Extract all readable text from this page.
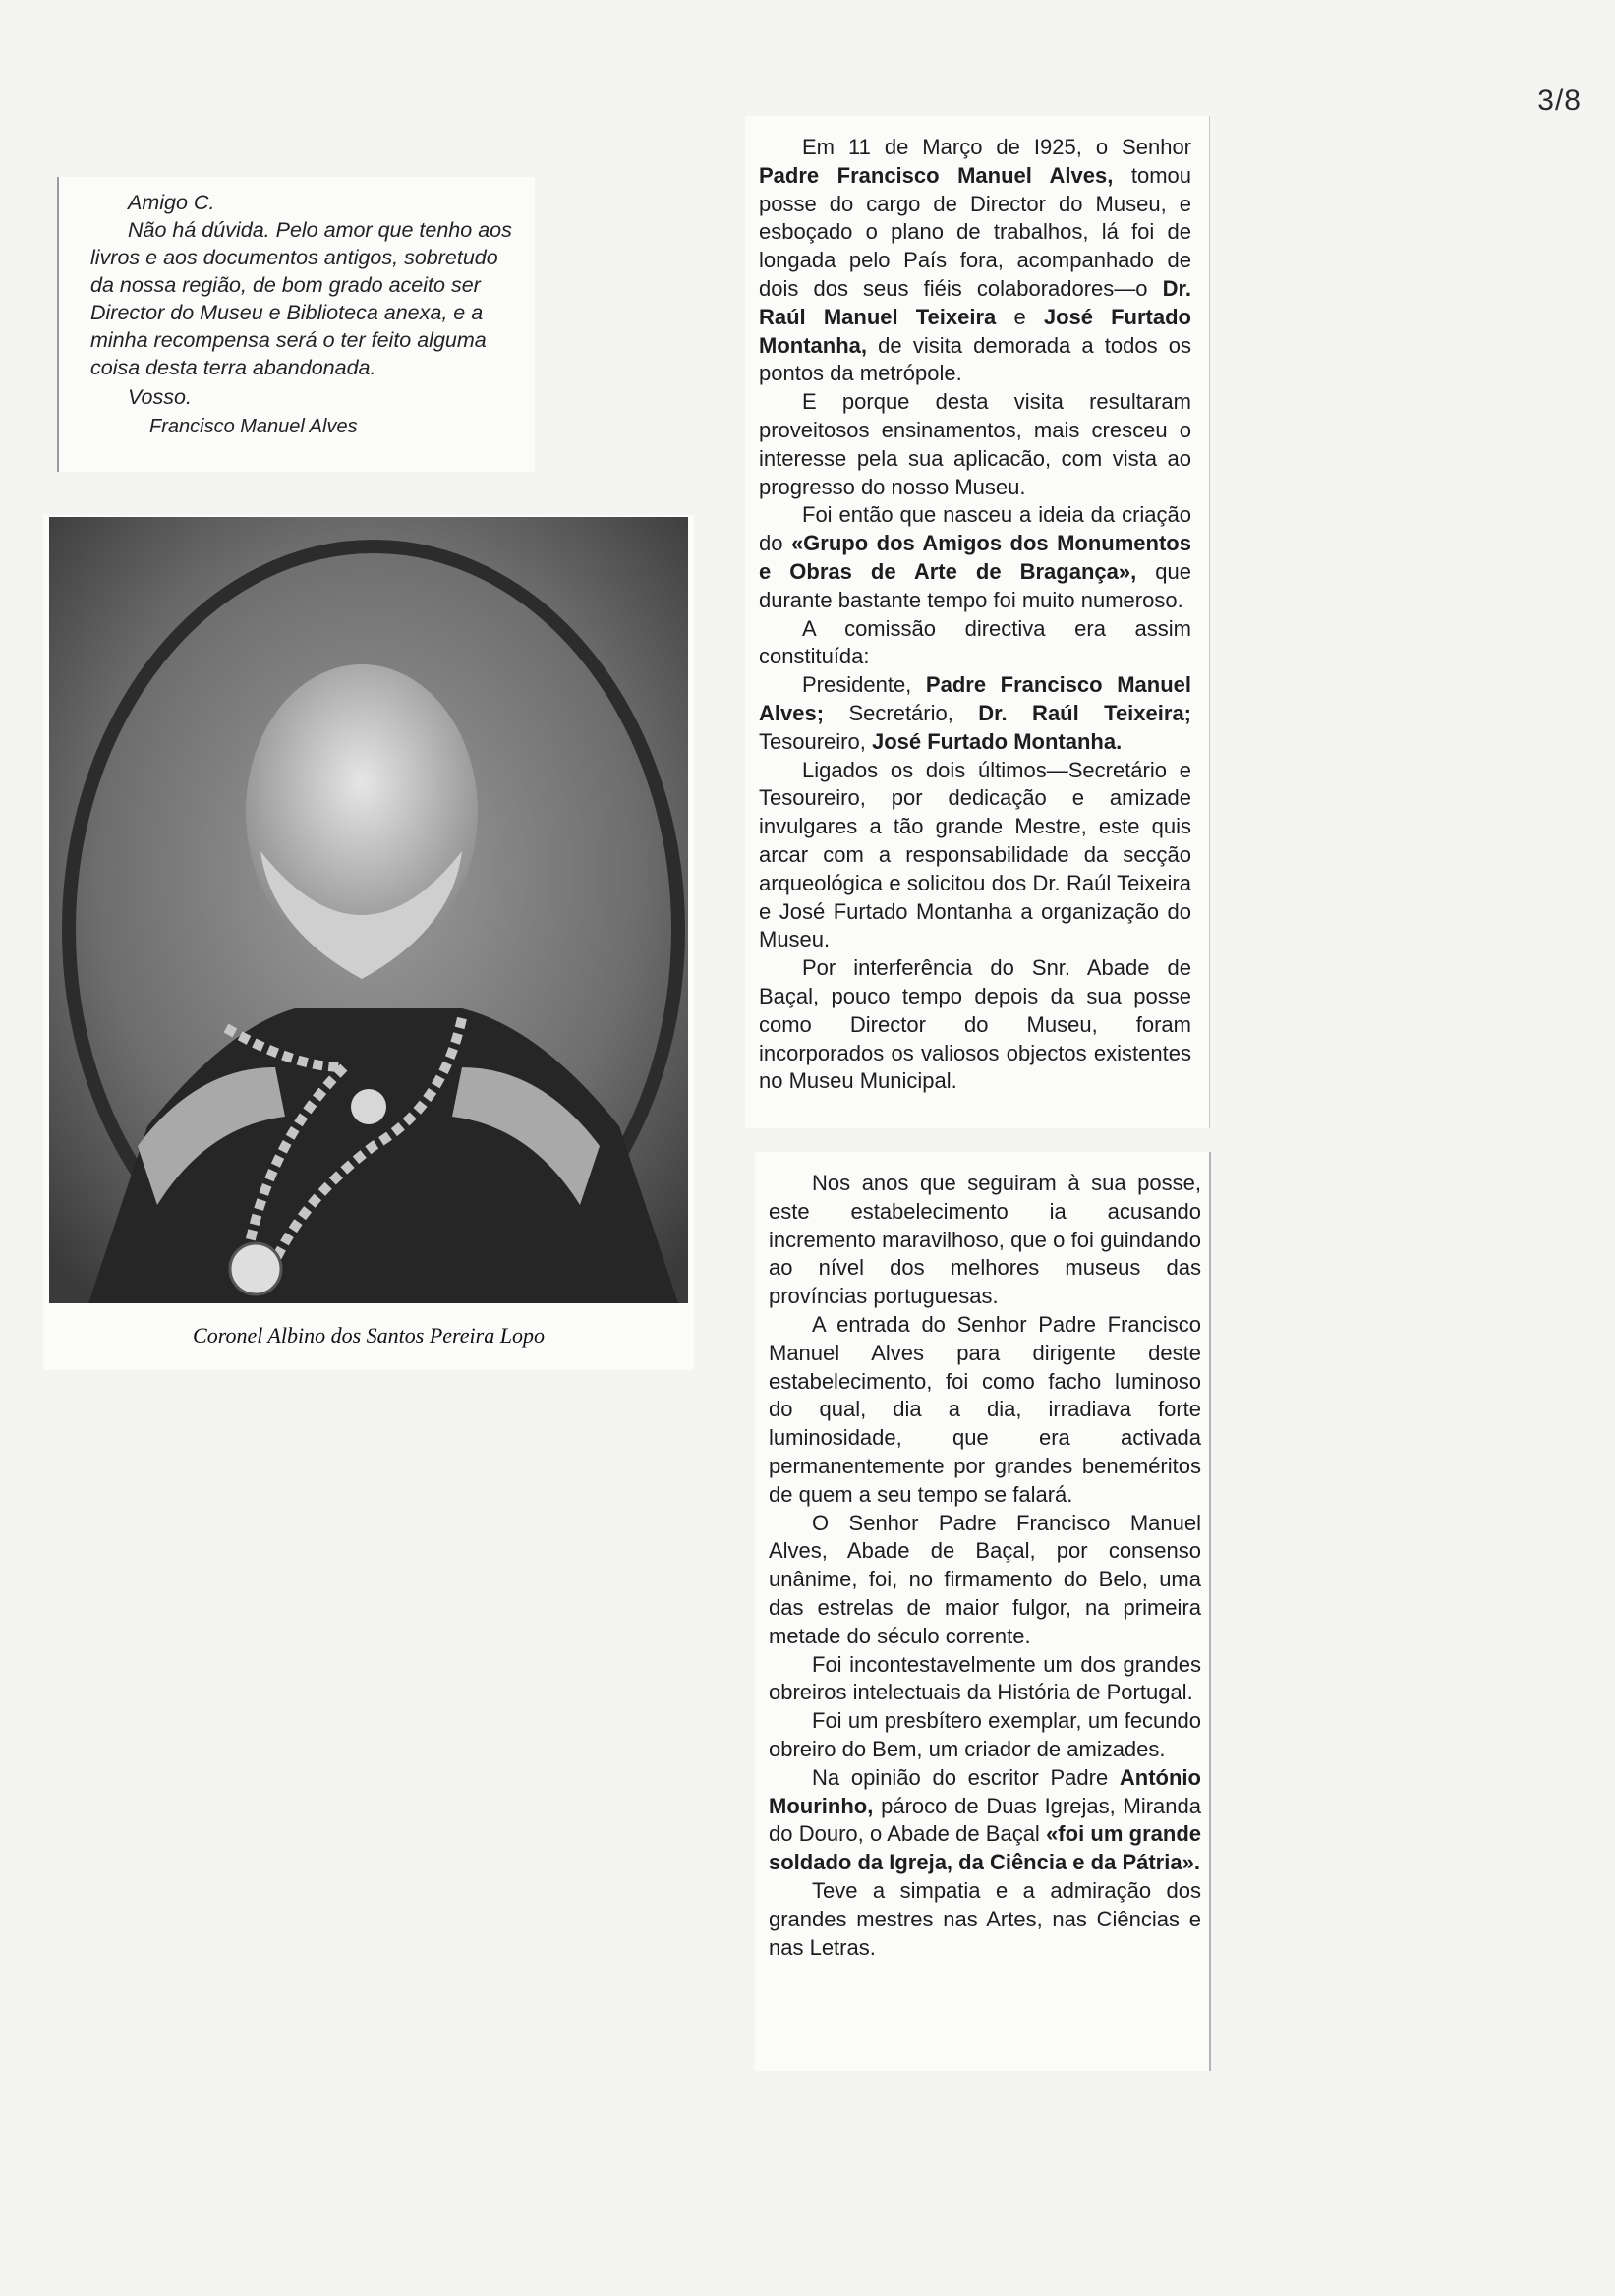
3/8

Amigo C.

Não há dúvida. Pelo amor que tenho aos livros e aos documentos antigos, sobretudo da nossa região, de bom grado aceito ser Director do Museu e Biblioteca anexa, e a minha recompensa será o ter feito alguma coisa desta terra abandonada.

Vosso.

Francisco Manuel Alves

Coronel Albino dos Santos Pereira Lopo

Em 11 de Março de I925, o Senhor Padre Francisco Manuel Alves, tomou posse do cargo de Director do Museu, e esboçado o plano de trabalhos, lá foi de longada pelo País fora, acompanhado de dois dos seus fiéis colaboradores—o Dr. Raúl Manuel Teixeira e José Furtado Montanha, de visita demorada a todos os pontos da metrópole.

E porque desta visita resultaram proveitosos ensinamentos, mais cresceu o interesse pela sua aplicacão, com vista ao progresso do nosso Museu.

Foi então que nasceu a ideia da criação do «Grupo dos Amigos dos Monumentos e Obras de Arte de Bragança», que durante bastante tempo foi muito numeroso.

A comissão directiva era assim constituída:

Presidente, Padre Francisco Manuel Alves; Secretário, Dr. Raúl Teixeira; Tesoureiro, José Furtado Montanha.

Ligados os dois últimos—Secretário e Tesoureiro, por dedicação e amizade invulgares a tão grande Mestre, este quis arcar com a responsabilidade da secção arqueológica e solicitou dos Dr. Raúl Teixeira e José Furtado Montanha a organização do Museu.

Por interferência do Snr. Abade de Baçal, pouco tempo depois da sua posse como Director do Museu, foram incorporados os valiosos objectos existentes no Museu Municipal.

Nos anos que seguiram à sua posse, este estabelecimento ia acusando incremento maravilhoso, que o foi guindando ao nível dos melhores museus das províncias portuguesas.

A entrada do Senhor Padre Francisco Manuel Alves para dirigente deste estabelecimento, foi como facho luminoso do qual, dia a dia, irradiava forte luminosidade, que era activada permanentemente por grandes beneméritos de quem a seu tempo se falará.

O Senhor Padre Francisco Manuel Alves, Abade de Baçal, por consenso unânime, foi, no firmamento do Belo, uma das estrelas de maior fulgor, na primeira metade do século corrente.

Foi incontestavelmente um dos grandes obreiros intelectuais da História de Portugal.

Foi um presbítero exemplar, um fecundo obreiro do Bem, um criador de amizades.

Na opinião do escritor Padre António Mourinho, pároco de Duas Igrejas, Miranda do Douro, o Abade de Baçal «foi um grande soldado da Igreja, da Ciência e da Pátria».

Teve a simpatia e a admiração dos grandes mestres nas Artes, nas Ciências e nas Letras.
